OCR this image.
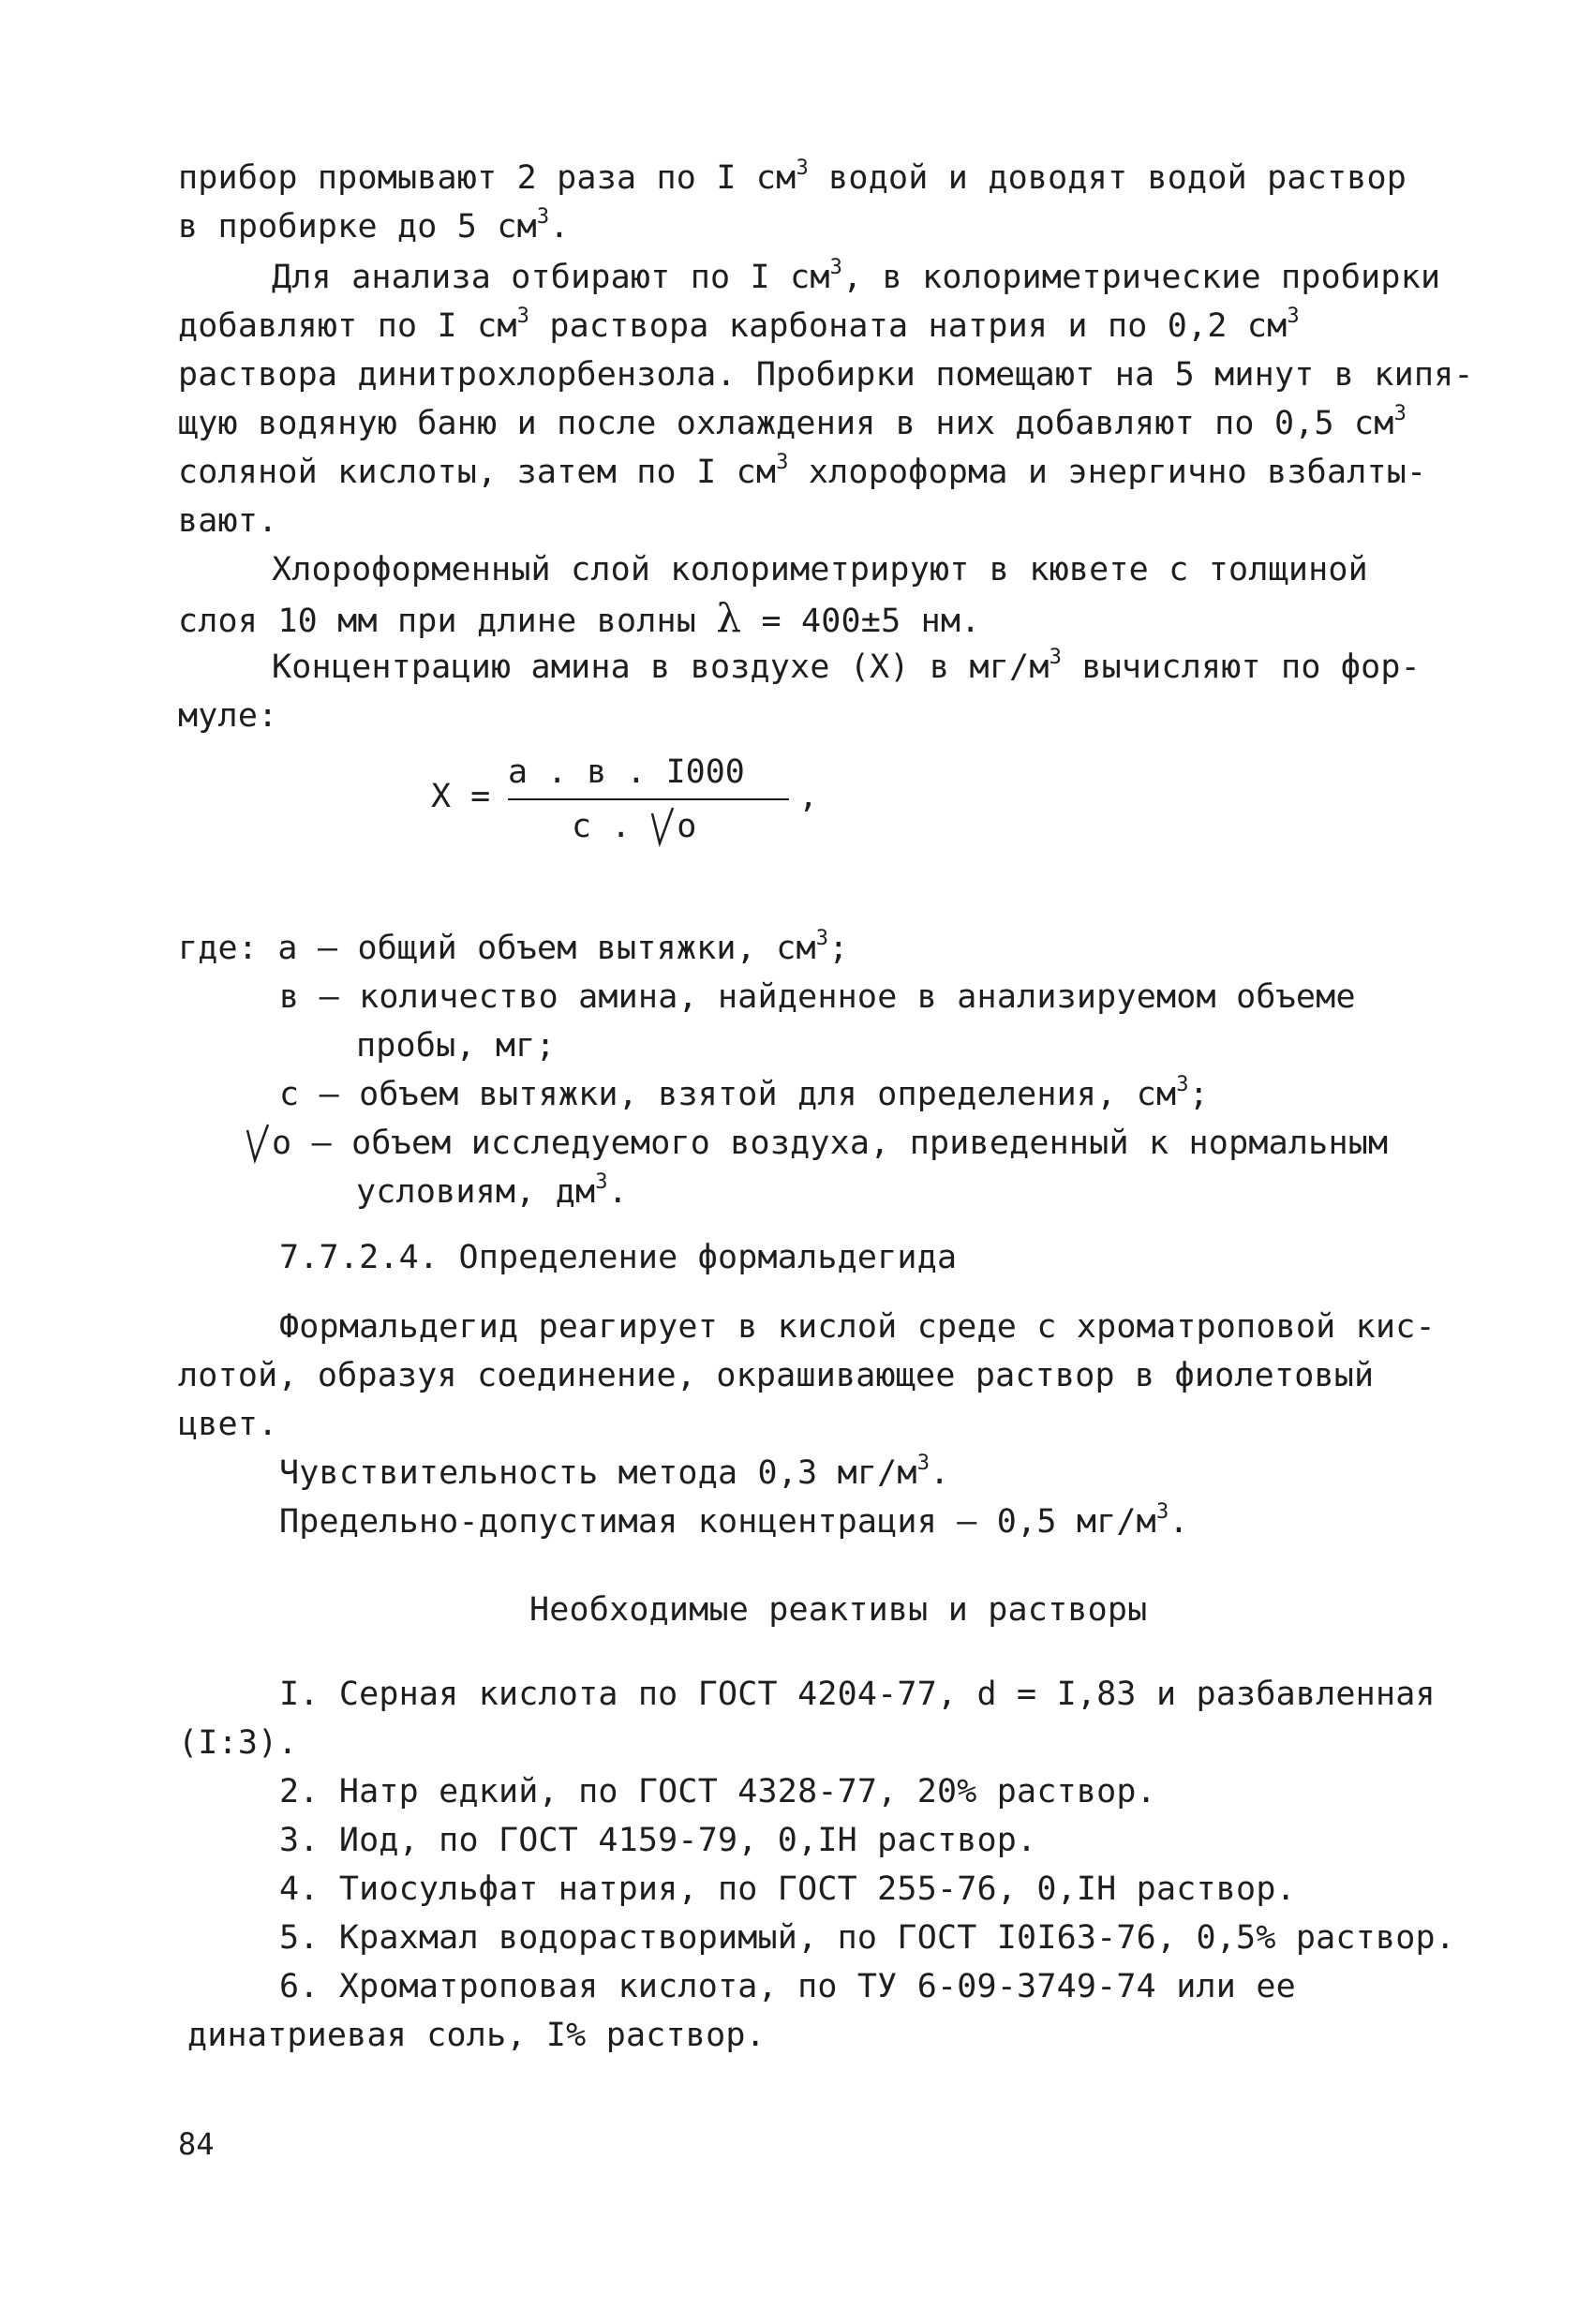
прибор промывают 2 раза по I $см^3$ водой и доводят водой раствор
в пробирке до 5 $см^3$.
Для анализа отбирают по I $см^3$, в колориметрические пробирки
добавляют по I $см^3$ раствора карбоната натрия и по 0,2 $см^3$
раствора динитрохлорбензола. Пробирки помещают на 5 минут в кипя-
щую водяную баню и после охлаждения в них добавляют по 0,5 $см^3$
соляной кислоты, затем по I $см^3$ хлороформа и энергично взбалты-
вают.
Хлороформенный слой колориметрируют в кювете с толщиной
слоя 10 мм при длине волны λ = 400±5 нм.
Концентрацию амина в воздухе (X) в $мг/м^3$ вычисляют по фор-
муле:
X =
а . в . I000
с .
о
,
где: а – общий объем вытяжки, $см^3$;
в – количество амина, найденное в анализируемом объеме
пробы, мг;
с – объем вытяжки, взятой для определения, $см^3$;
о – объем исследуемого воздуха, приведенный к нормальным
условиям, $дм^3$.
7.7.2.4. Определение формальдегида
Формальдегид реагирует в кислой среде с хроматроповой кис-
лотой, образуя соединение, окрашивающее раствор в фиолетовый
цвет.
Чувствительность метода 0,3 $мг/м^3$.
Предельно-допустимая концентрация – 0,5 $мг/м^3$.
Необходимые реактивы и растворы
I. Серная кислота по ГОСТ 4204-77, d = I,83 и разбавленная
(I:3).
2. Натр едкий, по ГОСТ 4328-77, 20% раствор.
3. Иод, по ГОСТ 4159-79, 0,IH раствор.
4. Тиосульфат натрия, по ГОСТ 255-76, 0,IH раствор.
5. Крахмал водорастворимый, по ГОСТ I0I63-76, 0,5% раствор.
6. Хроматроповая кислота, по ТУ 6-09-3749-74 или ее
динатриевая соль, I% раствор.
84
